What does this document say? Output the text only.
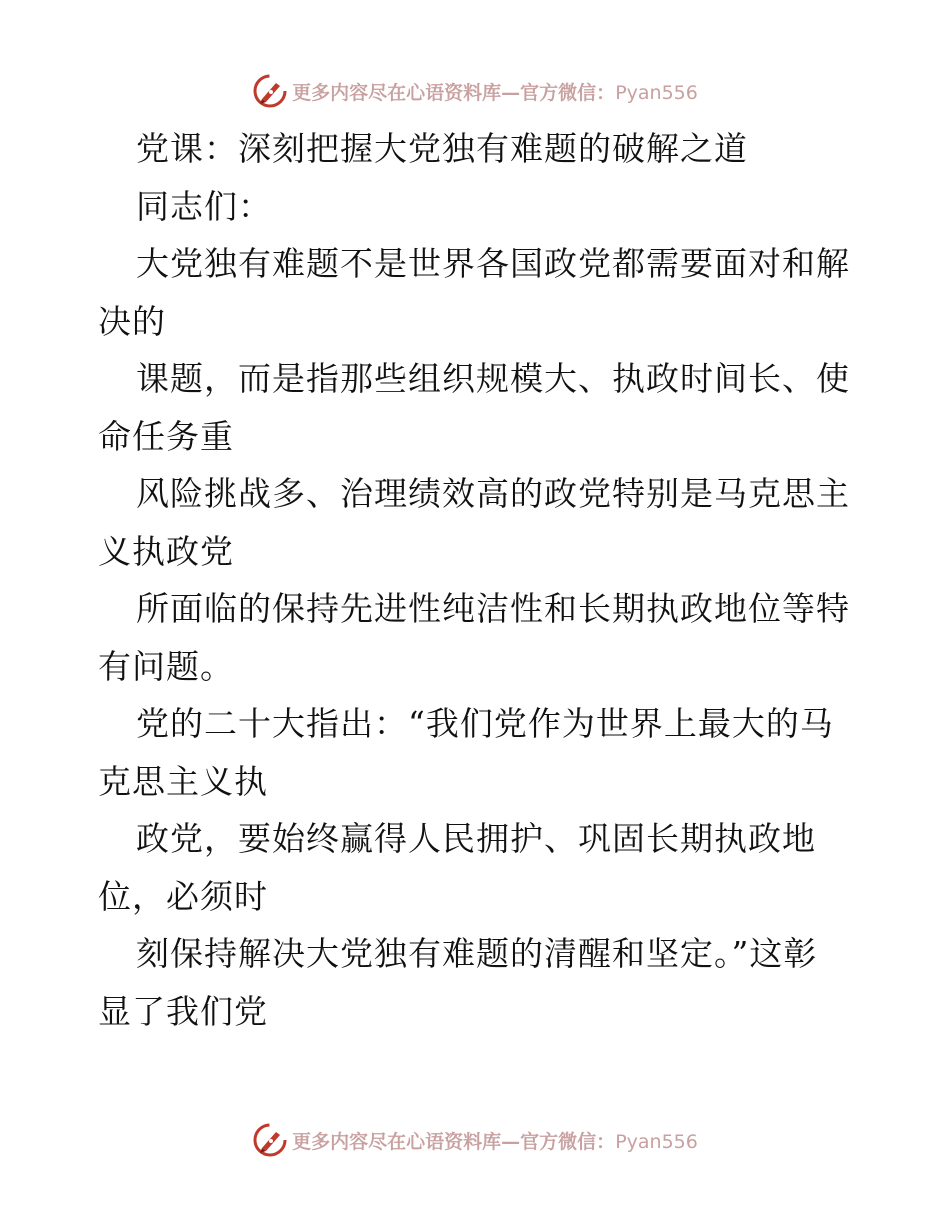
更多内容尽在心语资料库—官方微信：Pyan556
党课：深刻把握大党独有难题的破解之道
同志们：
大党独有难题不是世界各国政党都需要面对和解
决的
课题，而是指那些组织规模大、执政时间长、使
命任务重
风险挑战多、治理绩效高的政党特别是马克思主
义执政党
所面临的保持先进性纯洁性和长期执政地位等特
有问题。
党的二十大指出：“我们党作为世界上最大的马
克思主义执
政党，要始终赢得人民拥护、巩固长期执政地
位，必须时
刻保持解决大党独有难题的清醒和坚定。”这彰
显了我们党
更多内容尽在心语资料库—官方微信：Pyan556
